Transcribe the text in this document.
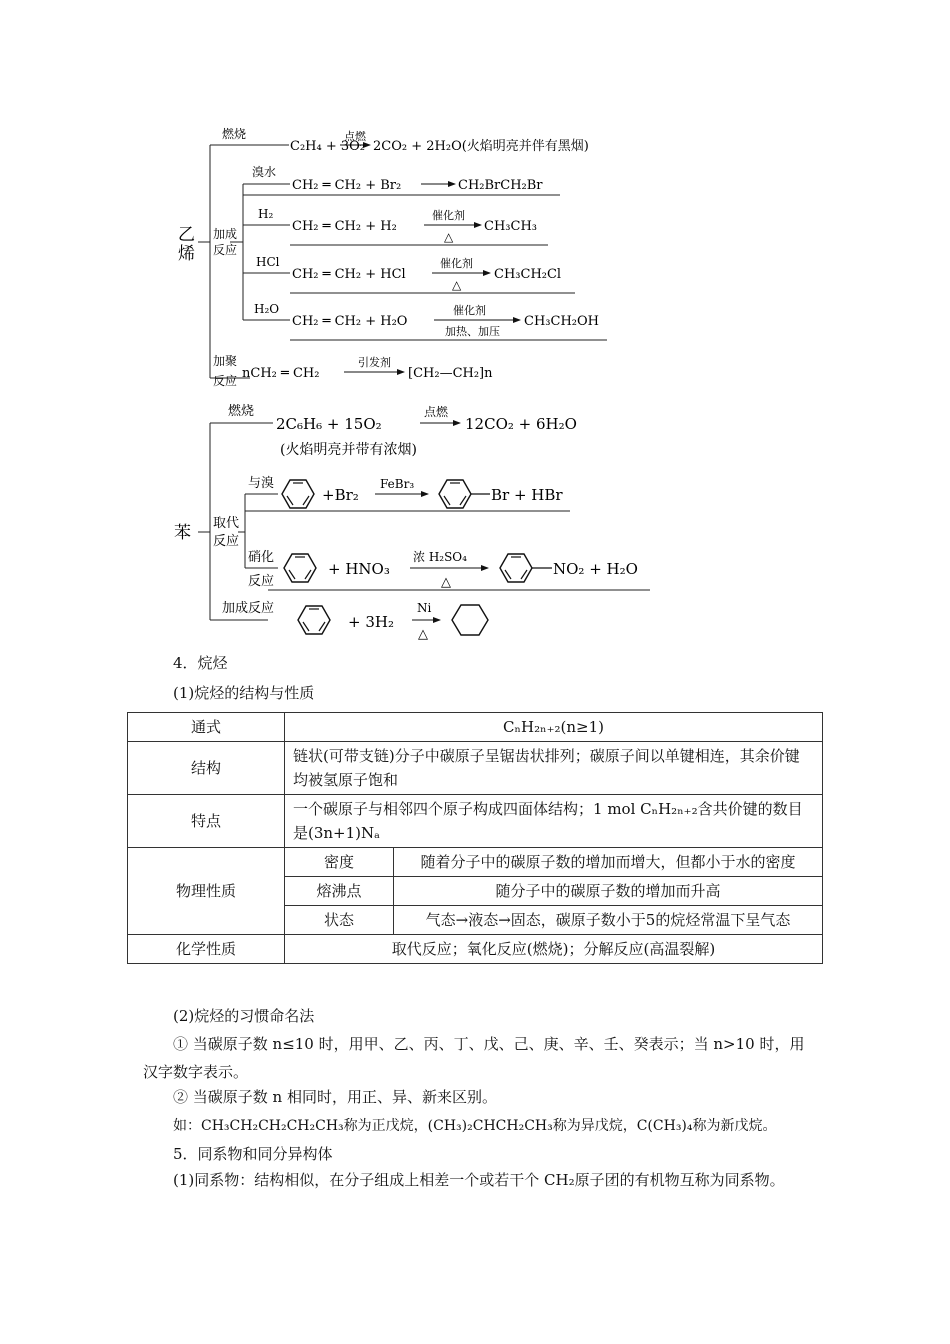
乙
烯
燃烧	点燃
C₂H₄ + 3O₂ 2CO₂ + 2H₂O(火焰明亮并伴有黑烟)
加成
反应
溴水
CH₂ ═ CH₂ + Br₂	CH₂BrCH₂Br
H₂
CH₂ ═ CH₂ + H₂
催化剂
△
CH₃CH₃
HCl
CH₂ ═ CH₂ + HCl
催化剂
△
CH₃CH₂Cl
H₂O
CH₂ ═ CH₂ + H₂O
催化剂
加热、加压
CH₃CH₂OH
加聚
反应 nCH₂ ═ CH₂
引发剂
[CH₂—CH₂]n
苯
燃烧
2C₆H₆ + 15O₂
点燃
12CO₂ + 6H₂O
(火焰明亮并带有浓烟)
取代
反应
与溴
+Br₂
FeBr₃
Br + HBr
硝化
反应
+ HNO₃
浓 H₂SO₄
△
NO₂ + H₂O
加成反应
+ 3H₂
Ni
△
4．烷烃
(1)烷烃的结构与性质
通式	CₙH₂ₙ₊₂(n≥1)	
结构	链状(可带支链)分子中碳原子呈锯齿状排列；碳原子间以单键相连，其余价键均被氢原子饱和	
特点	一个碳原子与相邻四个原子构成四面体结构；1 mol CₙH₂ₙ₊₂含共价键的数目是(3n+1)Nₐ	
物理性质	密度	随着分子中的碳原子数的增加而增大，但都小于水的密度
	熔沸点	随分子中的碳原子数的增加而升高
	状态	气态→液态→固态，碳原子数小于5的烷烃常温下呈气态
化学性质	取代反应；氧化反应(燃烧)；分解反应(高温裂解)	
(2)烷烃的习惯命名法
① 当碳原子数 n≤10 时，用甲、乙、丙、丁、戊、己、庚、辛、壬、癸表示；当 n>10 时，用汉字数字表示。
② 当碳原子数 n 相同时，用正、异、新来区别。
如：CH₃CH₂CH₂CH₂CH₃称为正戊烷，(CH₃)₂CHCH₂CH₃称为异戊烷，C(CH₃)₄称为新戊烷。
5．同系物和同分异构体
(1)同系物：结构相似，在分子组成上相差一个或若干个 CH₂原子团的有机物互称为同系物。
